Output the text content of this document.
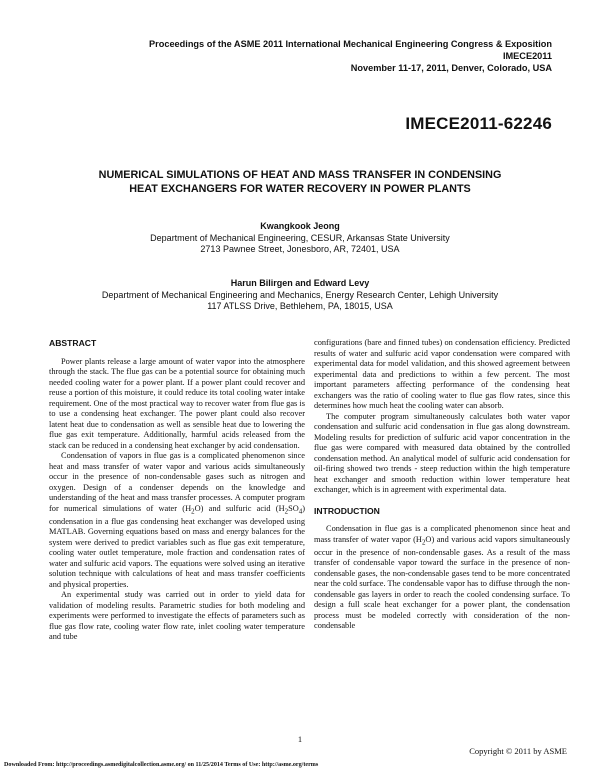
Proceedings of the ASME 2011 International Mechanical Engineering Congress & Exposition
IMECE2011
November 11-17, 2011, Denver, Colorado, USA
IMECE2011-62246
NUMERICAL SIMULATIONS OF HEAT AND MASS TRANSFER IN CONDENSING
HEAT EXCHANGERS FOR WATER RECOVERY IN POWER PLANTS
Kwangkook Jeong
Department of Mechanical Engineering, CESUR, Arkansas State University
2713 Pawnee Street, Jonesboro, AR, 72401, USA
Harun Bilirgen and Edward Levy
Department of Mechanical Engineering and Mechanics, Energy Research Center, Lehigh University
117 ATLSS Drive, Bethlehem, PA, 18015, USA
ABSTRACT

Power plants release a large amount of water vapor into the atmosphere through the stack. The flue gas can be a potential source for obtaining much needed cooling water for a power plant. If a power plant could recover and reuse a portion of this moisture, it could reduce its total cooling water intake requirement. One of the most practical way to recover water from flue gas is to use a condensing heat exchanger. The power plant could also recover latent heat due to condensation as well as sensible heat due to lowering the flue gas exit temperature. Additionally, harmful acids released from the stack can be reduced in a condensing heat exchanger by acid condensation.

Condensation of vapors in flue gas is a complicated phenomenon since heat and mass transfer of water vapor and various acids simultaneously occur in the presence of non-condensable gases such as nitrogen and oxygen. Design of a condenser depends on the knowledge and understanding of the heat and mass transfer processes. A computer program for numerical simulations of water $(H_2O)$ and sulfuric acid $(H_2SO_4)$ condensation in a flue gas condensing heat exchanger was developed using MATLAB. Governing equations based on mass and energy balances for the system were derived to predict variables such as flue gas exit temperature, cooling water outlet temperature, mole fraction and condensation rates of water and sulfuric acid vapors. The equations were solved using an iterative solution technique with calculations of heat and mass transfer coefficients and physical properties.

An experimental study was carried out in order to yield data for validation of modeling results. Parametric studies for both modeling and experiments were performed to investigate the effects of parameters such as flue gas flow rate, cooling water flow rate, inlet cooling water temperature and tube

configurations (bare and finned tubes) on condensation efficiency. Predicted results of water and sulfuric acid vapor condensation were compared with experimental data for model validation, and this showed agreement between experimental data and predictions to within a few percent. The most important parameters affecting performance of the condensing heat exchangers was the ratio of cooling water to flue gas flow rates, since this determines how much heat the cooling water can absorb.

The computer program simultaneously calculates both water vapor condensation and sulfuric acid condensation in flue gas along downstream. Modeling results for prediction of sulfuric acid vapor concentration in the flue gas were compared with measured data obtained by the controlled condensation method. An analytical model of sulfuric acid condensation for oil-firing showed two trends - steep reduction within the high temperature heat exchanger and smooth reduction within lower temperature heat exchanger, which is in agreement with experimental data.

INTRODUCTION

Condensation in flue gas is a complicated phenomenon since heat and mass transfer of water vapor $(H_2O)$ and various acid vapors simultaneously occur in the presence of non-condensable gases. As a result of the mass transfer of condensable vapor toward the surface in the presence of non-condensable gases, the non-condensable gases tend to be more concentrated near the cold surface. The condensable vapor has to diffuse through the non-condensable gas layers in order to reach the cooled condensing surface. To design a full scale heat exchanger for a power plant, the condensation process must be modeled correctly with consideration of the non-condensable

1
Copyright © 2011 by ASME
Downloaded From: http://proceedings.asmedigitalcollection.asme.org/ on 11/25/2014 Terms of Use: http://asme.org/terms
